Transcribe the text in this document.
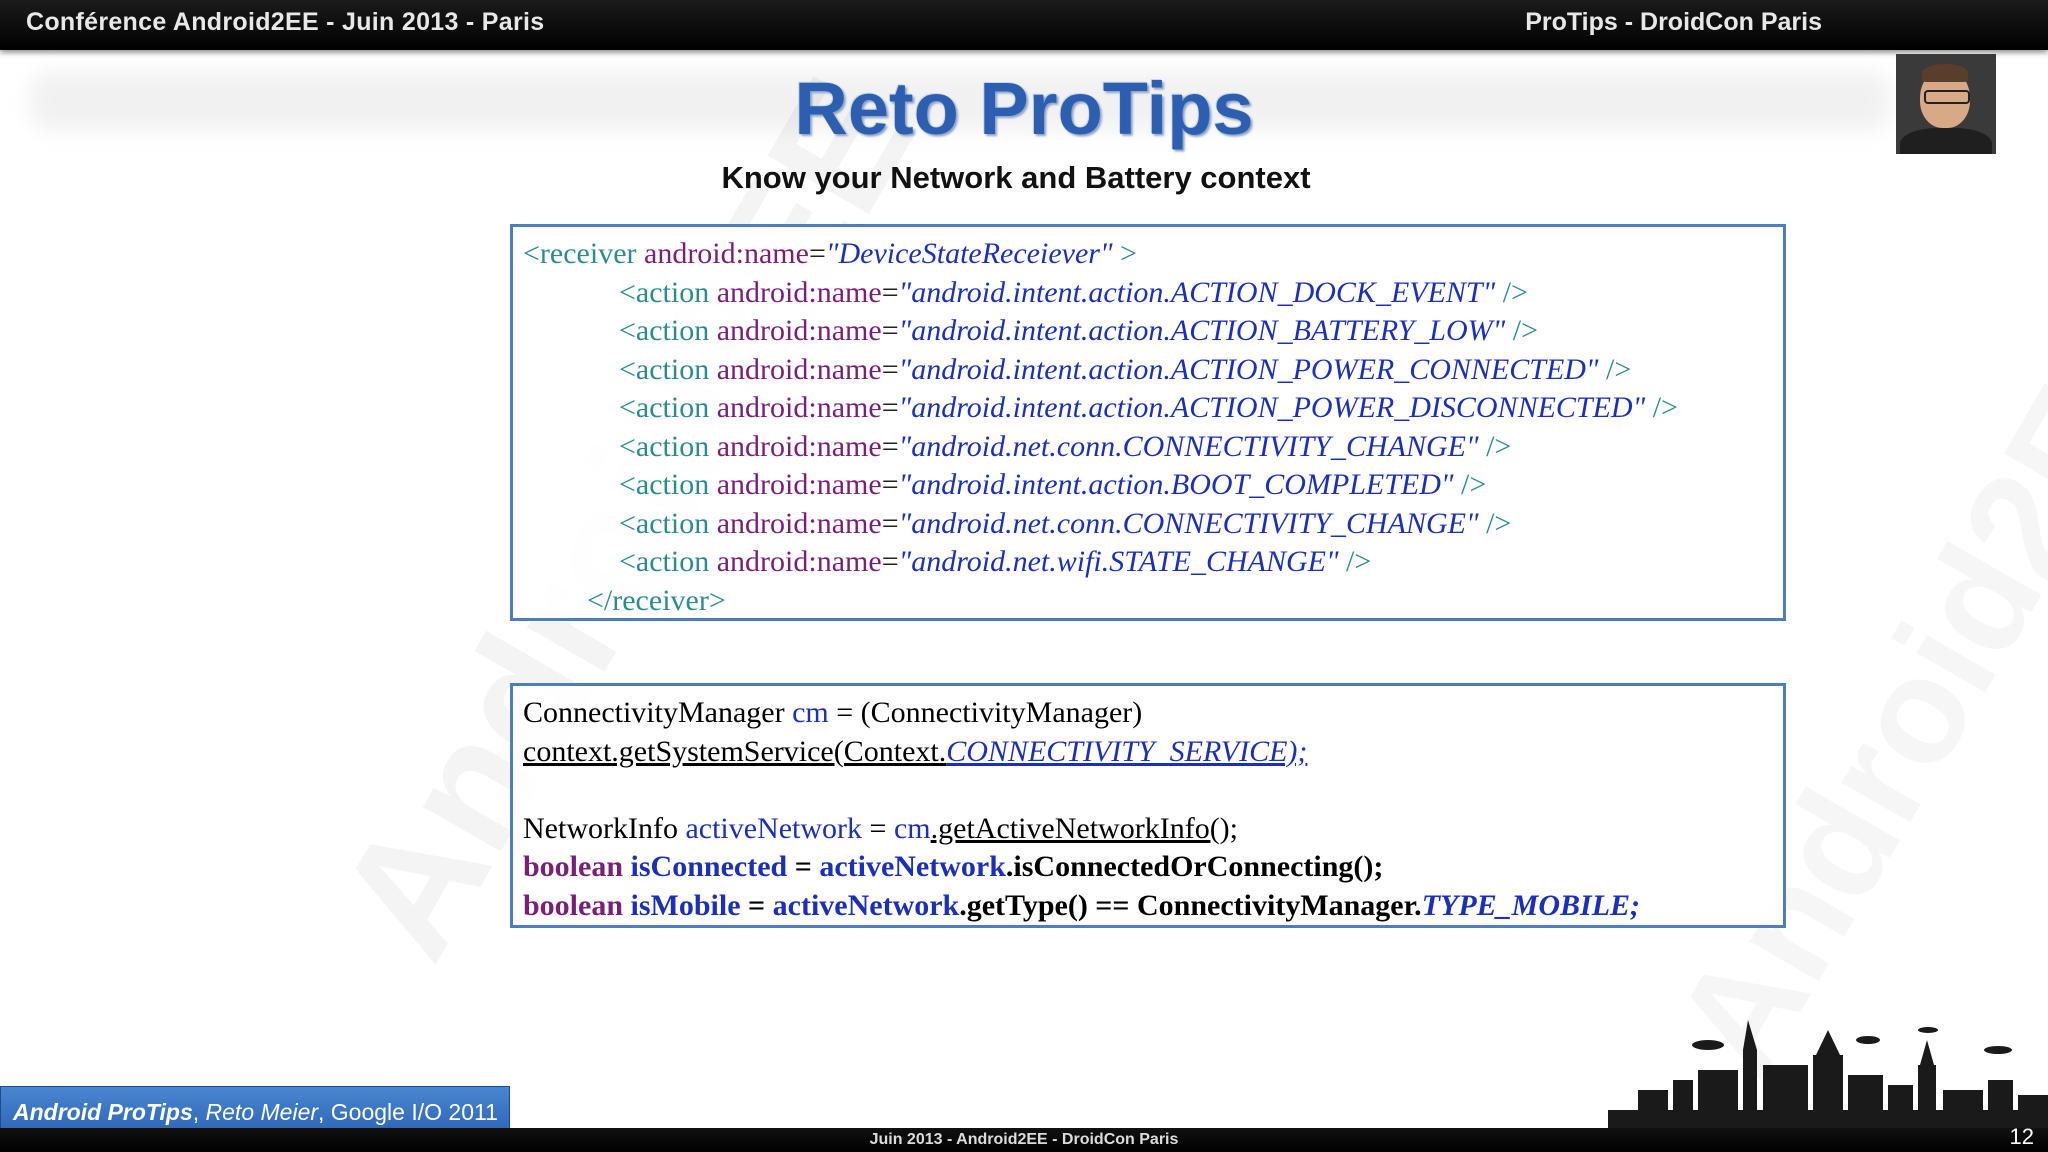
Conférence Android2EE - Juin 2013 - Paris	ProTips - DroidCon Paris
Reto ProTips
Know your Network and Battery context
<receiver android:name="DeviceStateReceiever" >
<action android:name="android.intent.action.ACTION_DOCK_EVENT" />
<action android:name="android.intent.action.ACTION_BATTERY_LOW" />
<action android:name="android.intent.action.ACTION_POWER_CONNECTED" />
<action android:name="android.intent.action.ACTION_POWER_DISCONNECTED" />
<action android:name="android.net.conn.CONNECTIVITY_CHANGE" />
<action android:name="android.intent.action.BOOT_COMPLETED" />
<action android:name="android.net.conn.CONNECTIVITY_CHANGE" />
<action android:name="android.net.wifi.STATE_CHANGE" />
</receiver>
ConnectivityManager cm = (ConnectivityManager)
context.getSystemService(Context.CONNECTIVITY_SERVICE);

NetworkInfo activeNetwork = cm.getActiveNetworkInfo();
boolean isConnected = activeNetwork.isConnectedOrConnecting();
boolean isMobile = activeNetwork.getType() == ConnectivityManager.TYPE_MOBILE;
Android ProTips, Reto Meier, Google I/O 2011
Juin 2013 - Android2EE - DroidCon Paris	12
